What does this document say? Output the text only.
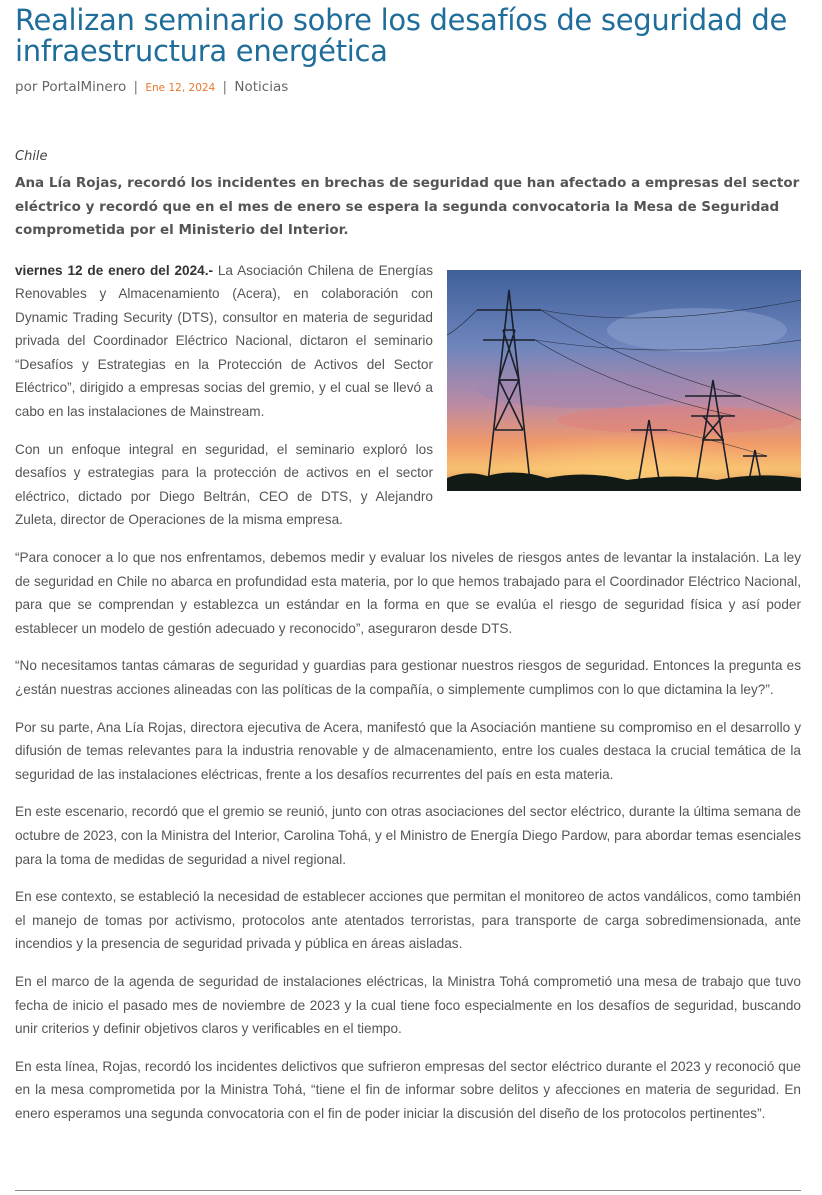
Realizan seminario sobre los desafíos de seguridad de infraestructura energética
por PortalMinero | Ene 12, 2024 | Noticias
Chile

Ana Lía Rojas, recordó los incidentes en brechas de seguridad que han afectado a empresas del sector eléctrico y recordó que en el mes de enero se espera la segunda convocatoria la Mesa de Seguridad comprometida por el Ministerio del Interior.

viernes 12 de enero del 2024.- La Asociación Chilena de Energías Renovables y Almacenamiento (Acera), en colaboración con Dynamic Trading Security (DTS), consultor en materia de seguridad privada del Coordinador Eléctrico Nacional, dictaron el seminario “Desafíos y Estrategias en la Protección de Activos del Sector Eléctrico”, dirigido a empresas socias del gremio, y el cual se llevó a cabo en las instalaciones de Mainstream.

Con un enfoque integral en seguridad, el seminario exploró los desafíos y estrategias para la protección de activos en el sector eléctrico, dictado por Diego Beltrán, CEO de DTS, y Alejandro Zuleta, director de Operaciones de la misma empresa.

“Para conocer a lo que nos enfrentamos, debemos medir y evaluar los niveles de riesgos antes de levantar la instalación. La ley de seguridad en Chile no abarca en profundidad esta materia, por lo que hemos trabajado para el Coordinador Eléctrico Nacional, para que se comprendan y establezca un estándar en la forma en que se evalúa el riesgo de seguridad física y así poder establecer un modelo de gestión adecuado y reconocido”, aseguraron desde DTS.

“No necesitamos tantas cámaras de seguridad y guardias para gestionar nuestros riesgos de seguridad. Entonces la pregunta es ¿están nuestras acciones alineadas con las políticas de la compañía, o simplemente cumplimos con lo que dictamina la ley?”.

Por su parte, Ana Lía Rojas, directora ejecutiva de Acera, manifestó que la Asociación mantiene su compromiso en el desarrollo y difusión de temas relevantes para la industria renovable y de almacenamiento, entre los cuales destaca la crucial temática de la seguridad de las instalaciones eléctricas, frente a los desafíos recurrentes del país en esta materia.

En este escenario, recordó que el gremio se reunió, junto con otras asociaciones del sector eléctrico, durante la última semana de octubre de 2023, con la Ministra del Interior, Carolina Tohá, y el Ministro de Energía Diego Pardow, para abordar temas esenciales para la toma de medidas de seguridad a nivel regional.

En ese contexto, se estableció la necesidad de establecer acciones que permitan el monitoreo de actos vandálicos, como también el manejo de tomas por activismo, protocolos ante atentados terroristas, para transporte de carga sobredimensionada, ante incendios y la presencia de seguridad privada y pública en áreas aisladas.

En el marco de la agenda de seguridad de instalaciones eléctricas, la Ministra Tohá comprometió una mesa de trabajo que tuvo fecha de inicio el pasado mes de noviembre de 2023 y la cual tiene foco especialmente en los desafíos de seguridad, buscando unir criterios y definir objetivos claros y verificables en el tiempo.

En esta línea, Rojas, recordó los incidentes delictivos que sufrieron empresas del sector eléctrico durante el 2023 y reconoció que en la mesa comprometida por la Ministra Tohá, “tiene el fin de informar sobre delitos y afecciones en materia de seguridad. En enero esperamos una segunda convocatoria con el fin de poder iniciar la discusión del diseño de los protocolos pertinentes”.
